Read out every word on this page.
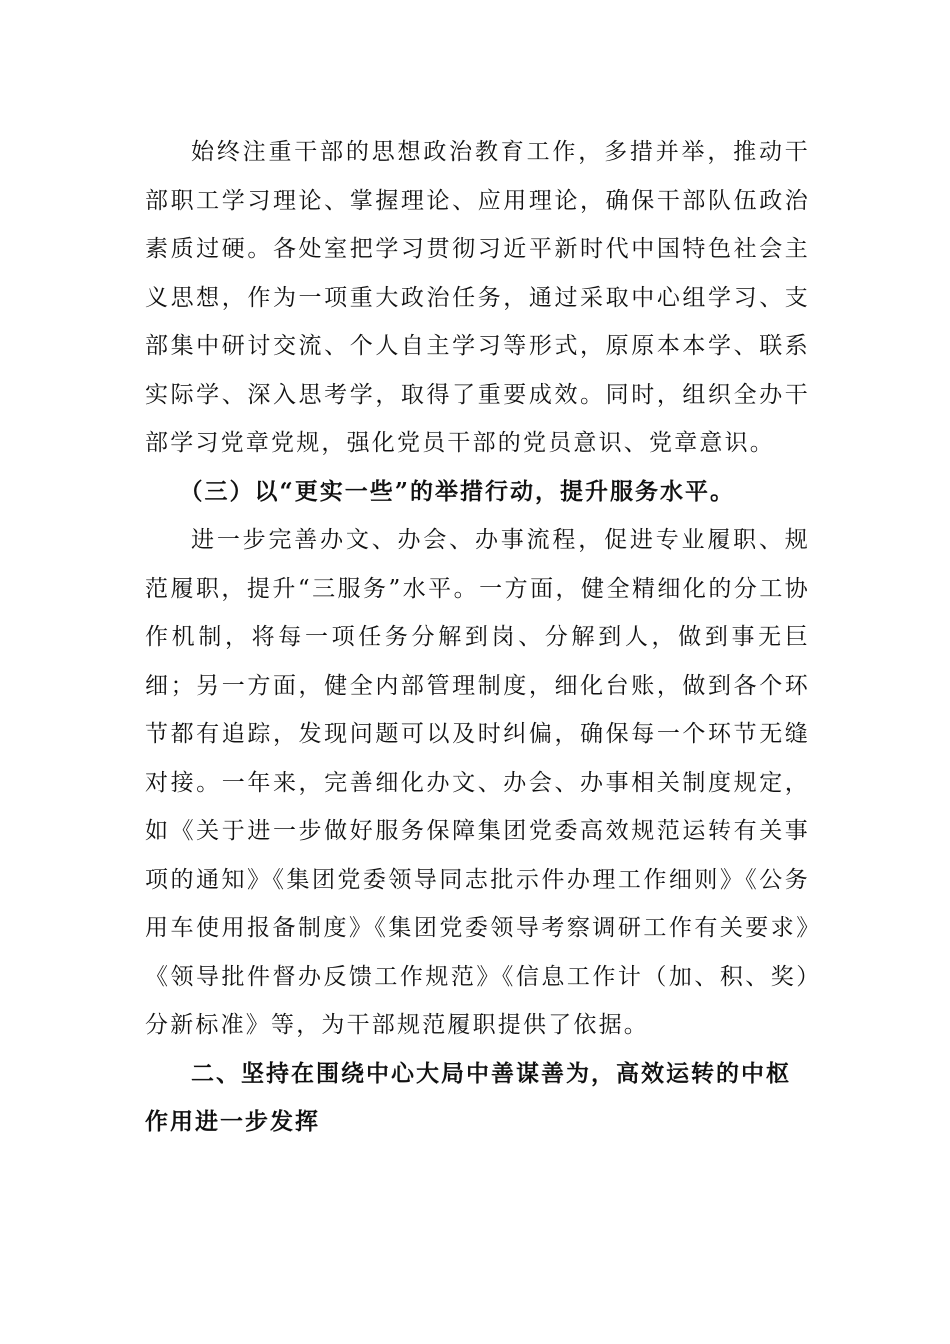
始终注重干部的思想政治教育工作，多措并举，推动干部职工学习理论、掌握理论、应用理论，确保干部队伍政治素质过硬。各处室把学习贯彻习近平新时代中国特色社会主义思想，作为一项重大政治任务，通过采取中心组学习、支部集中研讨交流、个人自主学习等形式，原原本本学、联系实际学、深入思考学，取得了重要成效。同时，组织全办干部学习党章党规，强化党员干部的党员意识、党章意识。

（三）以“更实一些”的举措行动，提升服务水平。

进一步完善办文、办会、办事流程，促进专业履职、规范履职，提升“三服务”水平。一方面，健全精细化的分工协作机制，将每一项任务分解到岗、分解到人，做到事无巨细；另一方面，健全内部管理制度，细化台账，做到各个环节都有追踪，发现问题可以及时纠偏，确保每一个环节无缝对接。一年来，完善细化办文、办会、办事相关制度规定，如《关于进一步做好服务保障集团党委高效规范运转有关事项的通知》《集团党委领导同志批示件办理工作细则》《公务用车使用报备制度》《集团党委领导考察调研工作有关要求》《领导批件督办反馈工作规范》《信息工作计（加、积、奖）分新标准》等，为干部规范履职提供了依据。

二、坚持在围绕中心大局中善谋善为，高效运转的中枢作用进一步发挥
